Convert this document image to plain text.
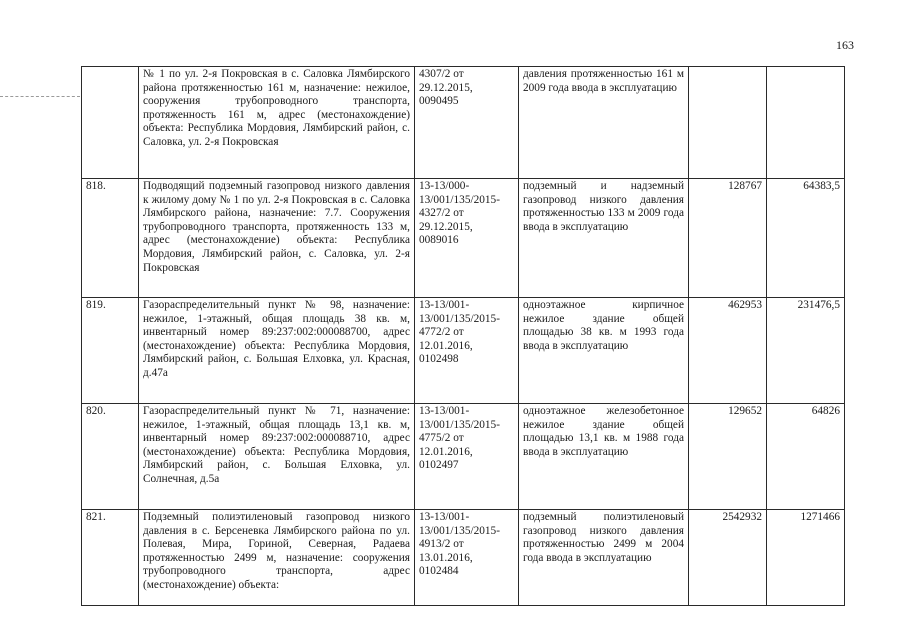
163
	№ 1 по ул. 2-я Покровская в с. Саловка Лямбирского района протяженностью 161 м, назначение: нежилое, сооружения трубопроводного транспорта, протяженность 161 м, адрес (местонахождение) объекта: Республика Мордовия, Лямбирский район, с. Саловка, ул. 2-я Покровская	4307/2 от 29.12.2015, 0090495	давления протяженностью 161 м 2009 года ввода в эксплуатацию		
818.	Подводящий подземный газопровод низкого давления к жилому дому № 1 по ул. 2-я Покровская в с. Саловка Лямбирского района, назначение: 7.7. Сооружения трубопроводного транспорта, протяженность 133 м, адрес (местонахождение) объекта: Республика Мордовия, Лямбирский район, с. Саловка, ул. 2-я Покровская	13-13/000-13/001/135/2015-4327/2 от 29.12.2015, 0089016	подземный и надземный газопровод низкого давления протяженностью 133 м 2009 года ввода в эксплуатацию	128767	64383,5
819.	Газораспределительный пункт № 98, назначение: нежилое, 1-этажный, общая площадь 38 кв. м, инвентарный номер 89:237:002:000088700, адрес (местонахождение) объекта: Республика Мордовия, Лямбирский район, с. Большая Елховка, ул. Красная, д.47а	13-13/001-13/001/135/2015-4772/2 от 12.01.2016, 0102498	одноэтажное кирпичное нежилое здание общей площадью 38 кв. м 1993 года ввода в эксплуатацию	462953	231476,5
820.	Газораспределительный пункт № 71, назначение: нежилое, 1-этажный, общая площадь 13,1 кв. м, инвентарный номер 89:237:002:000088710, адрес (местонахождение) объекта: Республика Мордовия, Лямбирский район, с. Большая Елховка, ул. Солнечная, д.5а	13-13/001-13/001/135/2015-4775/2 от 12.01.2016, 0102497	одноэтажное железобетонное нежилое здание общей площадью 13,1 кв. м 1988 года ввода в эксплуатацию	129652	64826
821.	Подземный полиэтиленовый газопровод низкого давления в с. Берсеневка Лямбирского района по ул. Полевая, Мира, Гориной, Северная, Радаева протяженностью 2499 м, назначение: сооружения трубопроводного транспорта, адрес (местонахождение) объекта:	13-13/001-13/001/135/2015-4913/2 от 13.01.2016, 0102484	подземный полиэтиленовый газопровод низкого давления протяженностью 2499 м 2004 года ввода в эксплуатацию	2542932	1271466
